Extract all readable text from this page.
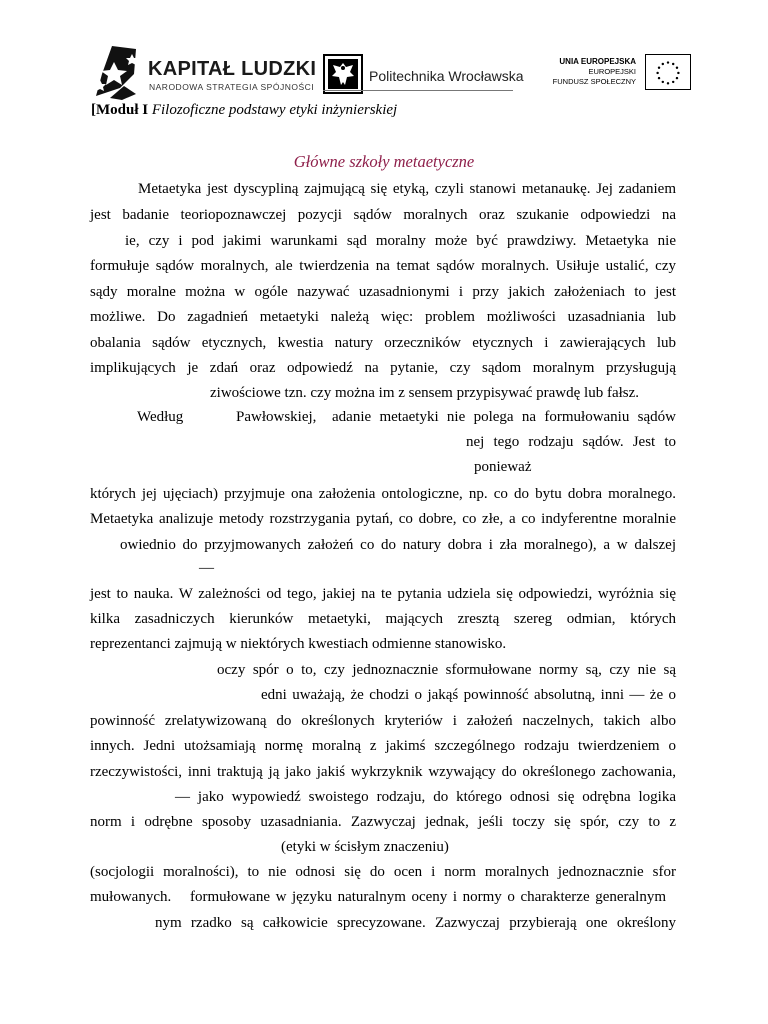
KAPITAŁ LUDZKI
NARODOWA STRATEGIA SPÓJNOŚCI
Politechnika Wrocławska
UNIA EUROPEJSKA
EUROPEJSKI
FUNDUSZ SPOŁECZNY
[Moduł I Filozoficzne podstawy etyki inżynierskiej
Główne szkoły metaetyczne
Metaetyka jest dyscypliną zajmującą się etyką, czyli stanowi metanaukę. Jej zadaniem
jest badanie teoriopoznawczej pozycji sądów moralnych oraz szukanie odpowiedzi na
ie, czy i pod jakimi warunkami sąd moralny może być prawdziwy. Metaetyka nie
formułuje sądów moralnych, ale twierdzenia na temat sądów moralnych. Usiłuje ustalić, czy
sądy moralne można w ogóle nazywać uzasadnionymi i przy jakich założeniach to jest
możliwe. Do zagadnień metaetyki należą więc: problem możliwości uzasadniania lub
obalania sądów etycznych, kwestia natury orzeczników etycznych i zawierających lub
implikujących je zdań oraz odpowiedź na pytanie, czy sądom moralnym przysługują
ziwościowe tzn. czy można im z sensem przypisywać prawdę lub fałsz.
Według	Pawłowskiej, adanie metaetyki nie polega na formułowaniu sądów
nej tego rodzaju sądów. Jest to
ponieważ
których jej ujęciach) przyjmuje ona założenia ontologiczne, np. co do bytu dobra moralnego.
Metaetyka analizuje metody rozstrzygania pytań, co dobre, co złe, a co indyferentne moralnie
owiednio do przyjmowanych założeń co do natury dobra i zła moralnego), a w dalszej
—
jest to nauka. W zależności od tego, jakiej na te pytania udziela się odpowiedzi, wyróżnia się
kilka zasadniczych kierunków metaetyki, mających zresztą szereg odmian, których
reprezentanci zajmują w niektórych kwestiach odmienne stanowisko.
oczy spór o to, czy jednoznacznie sformułowane normy są, czy nie są
edni uważają, że chodzi o jakąś powinność absolutną, inni — że o
powinność zrelatywizowaną do określonych kryteriów i założeń naczelnych, takich albo
innych. Jedni utożsamiają normę moralną z jakimś szczególnego rodzaju twierdzeniem o
rzeczywistości, inni traktują ją jako jakiś wykrzyknik wzywający do określonego zachowania,
— jako wypowiedź swoistego rodzaju, do którego odnosi się odrębna logika
norm i odrębne sposoby uzasadniania. Zazwyczaj jednak, jeśli toczy się spór, czy to z
(etyki w ścisłym znaczeniu)
(socjologii moralności), to nie odnosi się do ocen i norm moralnych jednoznacznie sfor
mułowanych. formułowane w języku naturalnym oceny i normy o charakterze generalnym
nym rzadko są całkowicie sprecyzowane. Zazwyczaj przybierają one określony
